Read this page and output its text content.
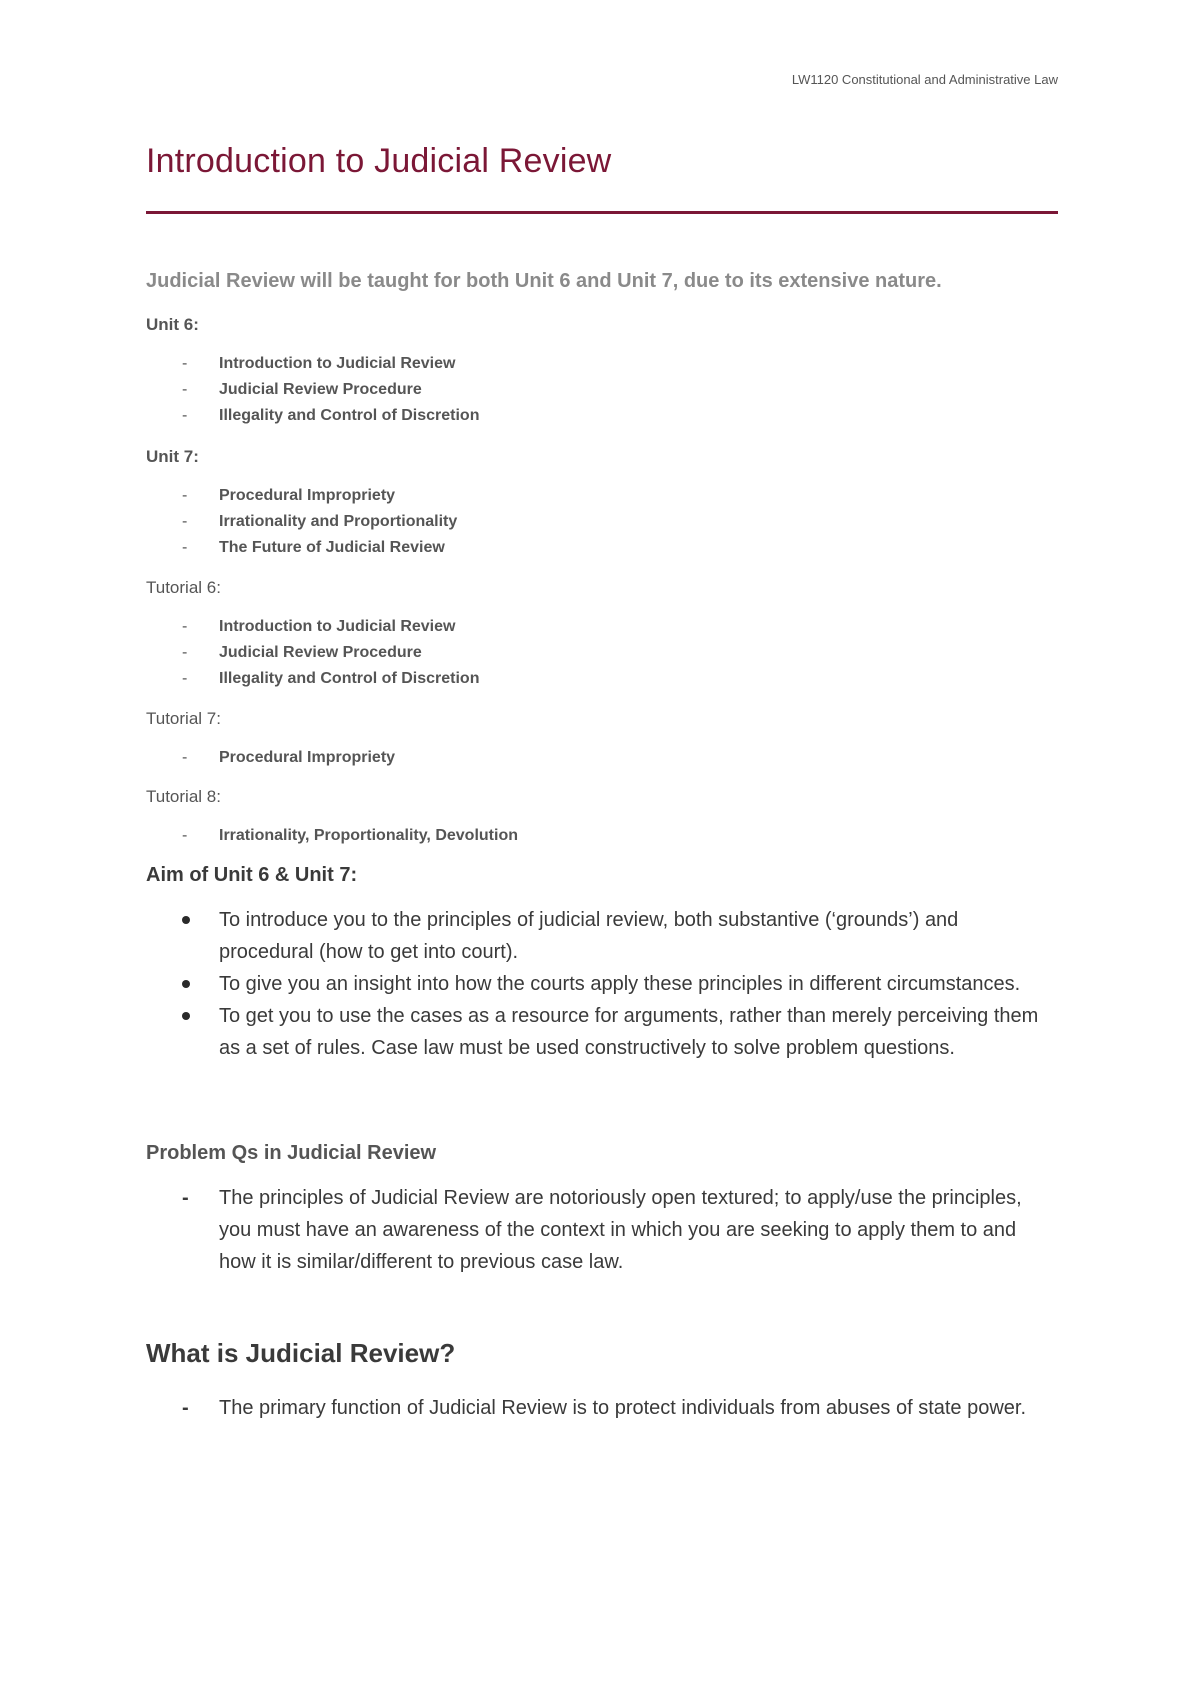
LW1120 Constitutional and Administrative Law
Introduction to Judicial Review

Judicial Review will be taught for both Unit 6 and Unit 7, due to its extensive nature.

Unit 6:

- Introduction to Judicial Review
- Judicial Review Procedure
- Illegality and Control of Discretion

Unit 7:

- Procedural Impropriety
- Irrationality and Proportionality
- The Future of Judicial Review

Tutorial 6:

- Introduction to Judicial Review
- Judicial Review Procedure
- Illegality and Control of Discretion

Tutorial 7:

- Procedural Impropriety

Tutorial 8:

- Irrationality, Proportionality, Devolution

Aim of Unit 6 & Unit 7:

To introduce you to the principles of judicial review, both substantive (‘grounds’) and procedural (how to get into court).
To give you an insight into how the courts apply these principles in different circumstances.
To get you to use the cases as a resource for arguments, rather than merely perceiving them as a set of rules. Case law must be used constructively to solve problem questions.

Problem Qs in Judicial Review

- The principles of Judicial Review are notoriously open textured; to apply/use the principles, you must have an awareness of the context in which you are seeking to apply them to and how it is similar/different to previous case law.
What is Judicial Review?
- The primary function of Judicial Review is to protect individuals from abuses of state power.
